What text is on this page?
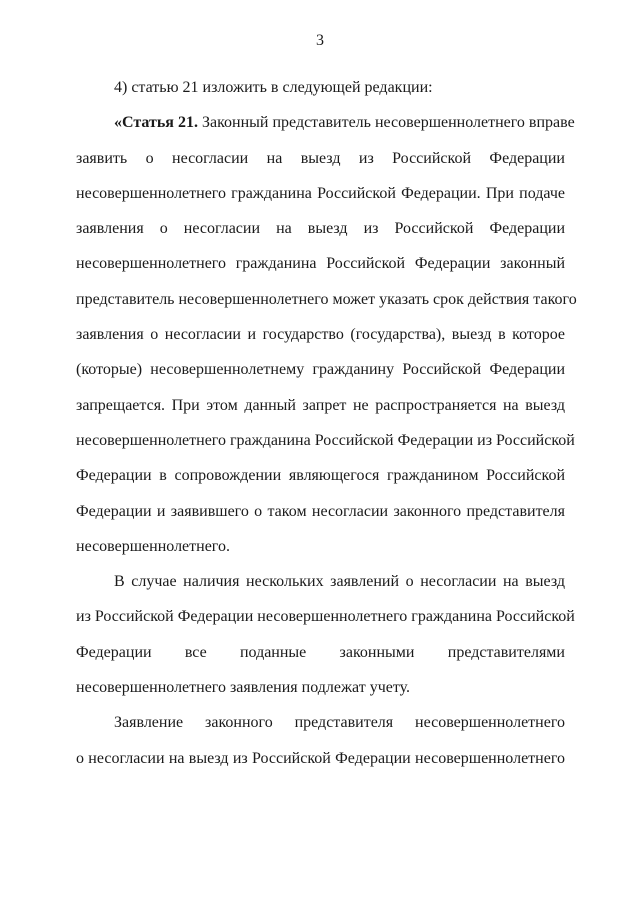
3
4) статью 21 изложить в следующей редакции:
«Статья 21. Законный представитель несовершеннолетнего вправе
заявить о несогласии на выезд из Российской Федерации
несовершеннолетнего гражданина Российской Федерации. При подаче
заявления о несогласии на выезд из Российской Федерации
несовершеннолетнего гражданина Российской Федерации законный
представитель несовершеннолетнего может указать срок действия такого
заявления о несогласии и государство (государства), выезд в которое
(которые) несовершеннолетнему гражданину Российской Федерации
запрещается. При этом данный запрет не распространяется на выезд
несовершеннолетнего гражданина Российской Федерации из Российской
Федерации в сопровождении являющегося гражданином Российской
Федерации и заявившего о таком несогласии законного представителя
несовершеннолетнего.
В случае наличия нескольких заявлений о несогласии на выезд
из Российской Федерации несовершеннолетнего гражданина Российской
Федерации все поданные законными представителями
несовершеннолетнего заявления подлежат учету.
Заявление законного представителя несовершеннолетнего
о несогласии на выезд из Российской Федерации несовершеннолетнего
